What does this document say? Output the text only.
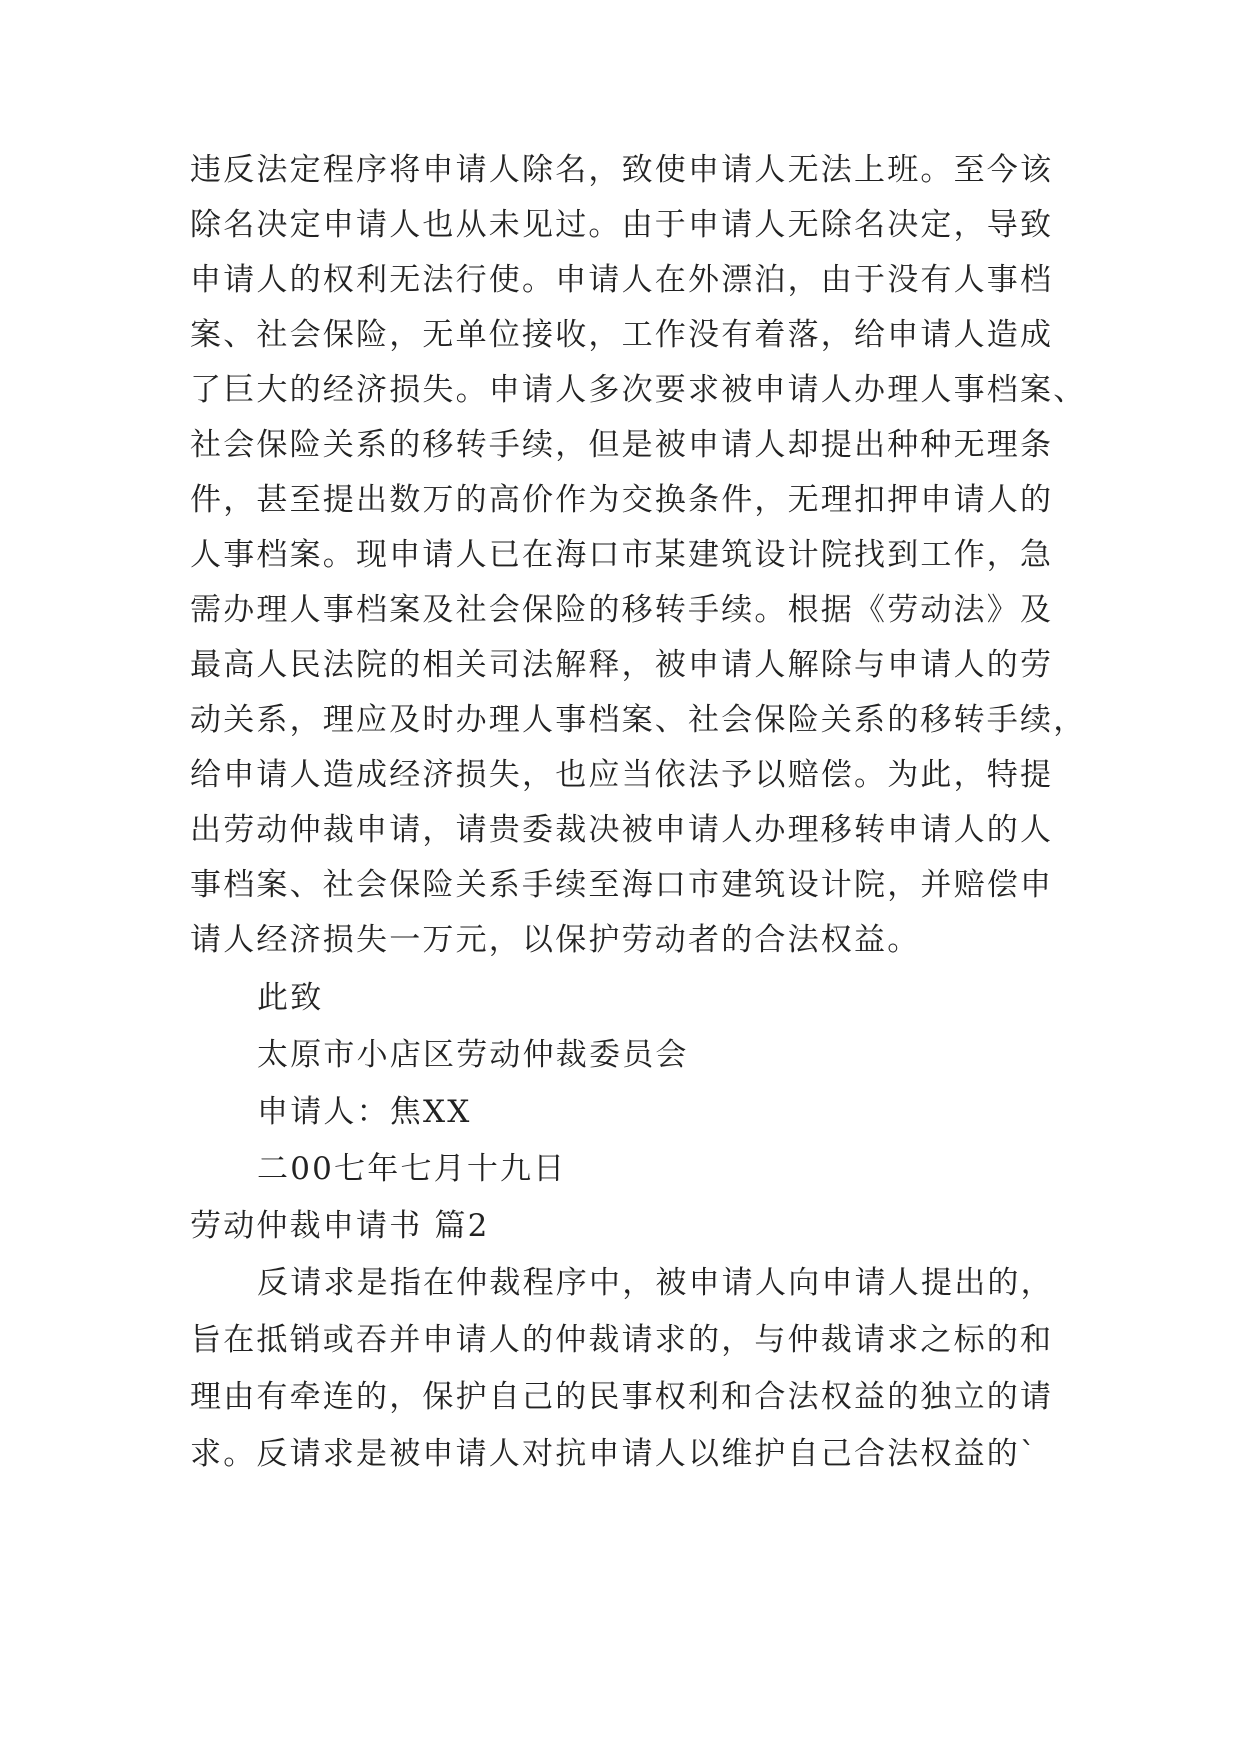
违反法定程序将申请人除名，致使申请人无法上班。至今该
除名决定申请人也从未见过。由于申请人无除名决定，导致
申请人的权利无法行使。申请人在外漂泊，由于没有人事档
案、社会保险，无单位接收，工作没有着落，给申请人造成
了巨大的经济损失。申请人多次要求被申请人办理人事档案、
社会保险关系的移转手续，但是被申请人却提出种种无理条
件，甚至提出数万的高价作为交换条件，无理扣押申请人的
人事档案。现申请人已在海口市某建筑设计院找到工作，急
需办理人事档案及社会保险的移转手续。根据《劳动法》及
最高人民法院的相关司法解释，被申请人解除与申请人的劳
动关系，理应及时办理人事档案、社会保险关系的移转手续，
给申请人造成经济损失，也应当依法予以赔偿。为此，特提
出劳动仲裁申请，请贵委裁决被申请人办理移转申请人的人
事档案、社会保险关系手续至海口市建筑设计院，并赔偿申
请人经济损失一万元，以保护劳动者的合法权益。
此致
太原市小店区劳动仲裁委员会
申请人：焦XX
二00七年七月十九日
劳动仲裁申请书 篇2
反请求是指在仲裁程序中，被申请人向申请人提出的，
旨在抵销或吞并申请人的仲裁请求的，与仲裁请求之标的和
理由有牵连的，保护自己的民事权利和合法权益的独立的请
求。反请求是被申请人对抗申请人以维护自己合法权益的`
